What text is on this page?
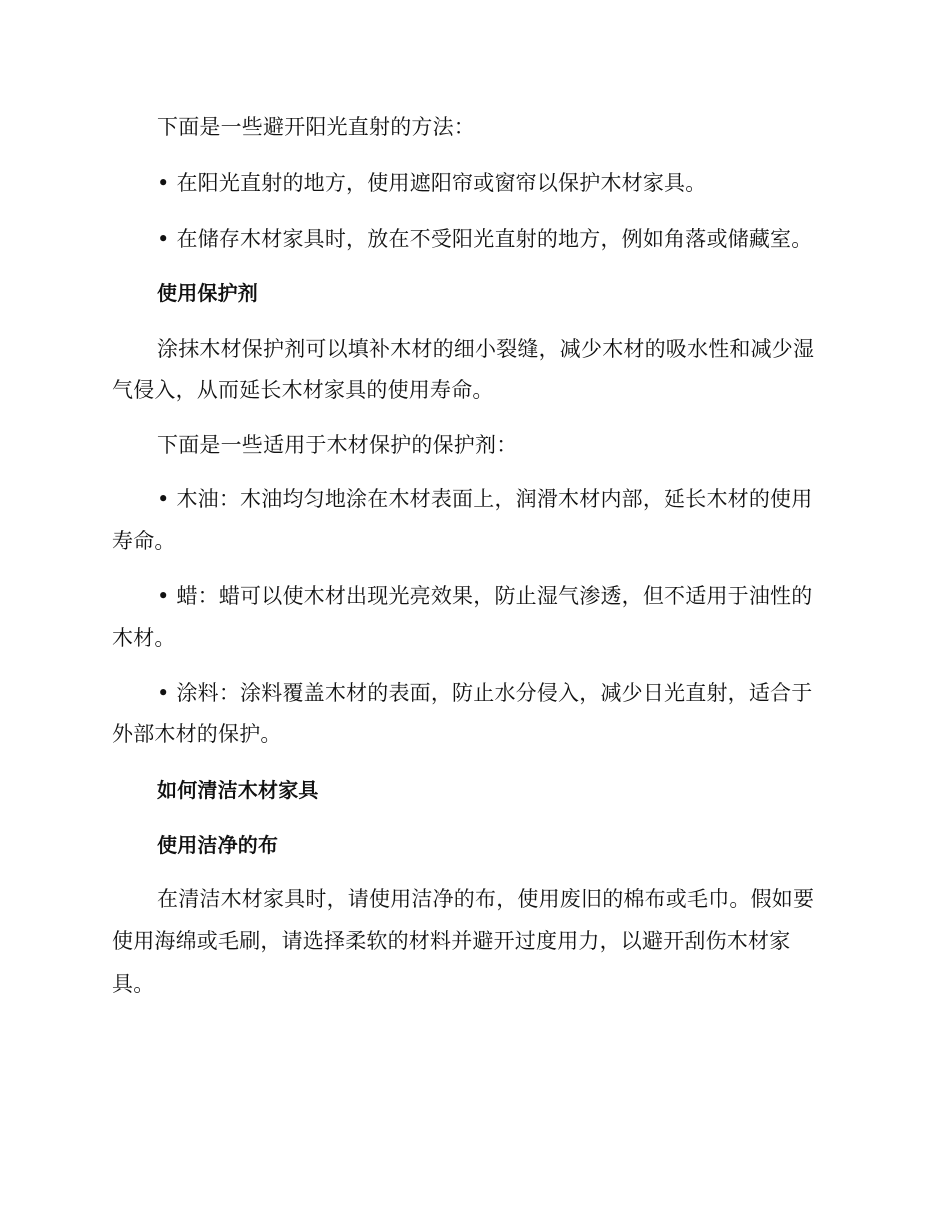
下面是一些避开阳光直射的方法：
• 在阳光直射的地方，使用遮阳帘或窗帘以保护木材家具。
• 在储存木材家具时，放在不受阳光直射的地方，例如角落或储藏室。
使用保护剂
涂抹木材保护剂可以填补木材的细小裂缝，减少木材的吸水性和减少湿
气侵入，从而延长木材家具的使用寿命。
下面是一些适用于木材保护的保护剂：
• 木油：木油均匀地涂在木材表面上，润滑木材内部，延长木材的使用
寿命。
• 蜡：蜡可以使木材出现光亮效果，防止湿气渗透，但不适用于油性的
木材。
• 涂料：涂料覆盖木材的表面，防止水分侵入，减少日光直射，适合于
外部木材的保护。
如何清洁木材家具
使用洁净的布
在清洁木材家具时，请使用洁净的布，使用废旧的棉布或毛巾。假如要
使用海绵或毛刷，请选择柔软的材料并避开过度用力，以避开刮伤木材家
具。
